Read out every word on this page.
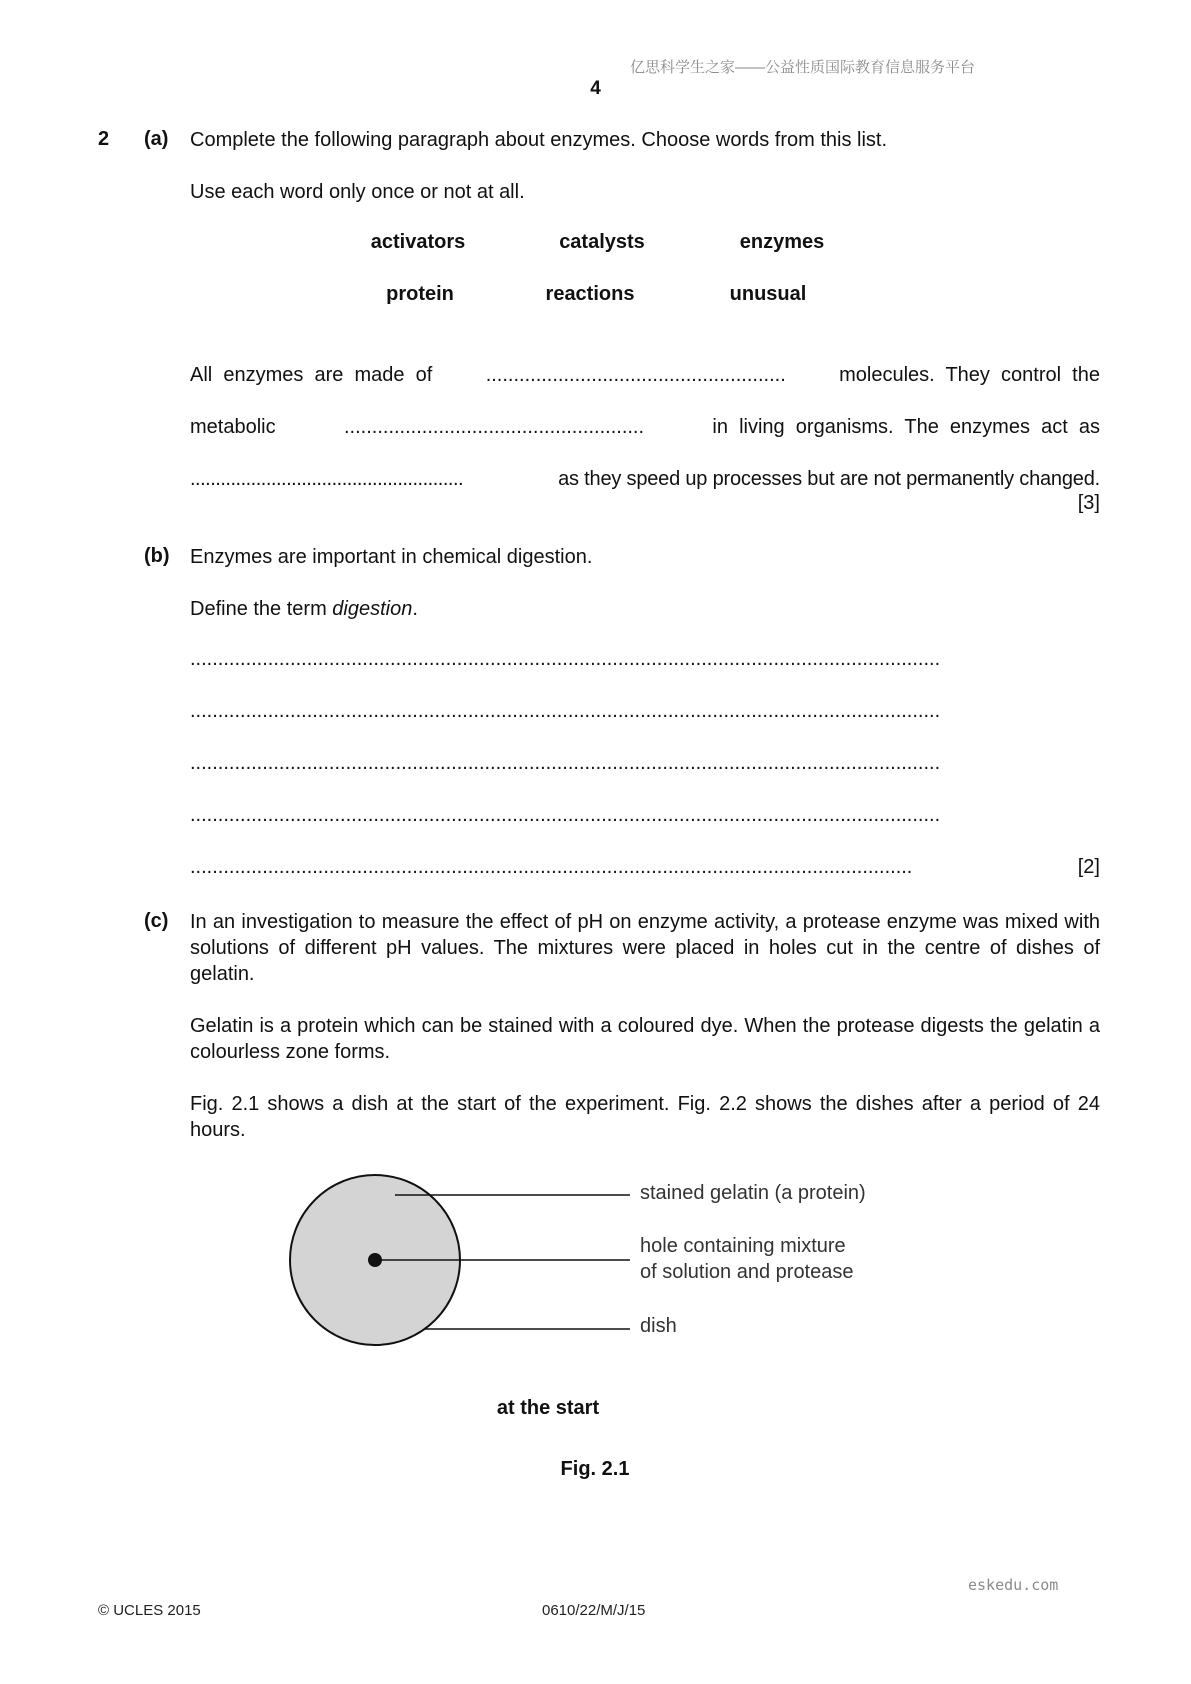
亿思科学生之家——公益性质国际教育信息服务平台
4
2 (a) Complete the following paragraph about enzymes. Choose words from this list.
Use each word only once or not at all.
activators	catalysts	enzymes
protein	reactions	unusual
All  enzymes  are  made  of	......................................................	molecules.  They  control  the
metabolic	......................................................	in  living  organisms.  The  enzymes  act  as
......................................................	as they speed up processes but are not permanently changed.
[3]
(b) Enzymes are important in chemical digestion.
Define the term digestion.
.......................................................................................................................................
.......................................................................................................................................
.......................................................................................................................................
.......................................................................................................................................
..................................................................................................................................	[2]
(c) In an investigation to measure the effect of pH on enzyme activity, a protease enzyme was mixed with solutions of different pH values. The mixtures were placed in holes cut in the centre of dishes of gelatin.
Gelatin is a protein which can be stained with a coloured dye. When the protease digests the gelatin a colourless zone forms.
Fig. 2.1 shows a dish at the start of the experiment. Fig. 2.2 shows the dishes after a period of 24 hours.
stained gelatin (a protein)
hole containing mixture
of solution and protease
dish
at the start
Fig. 2.1
eskedu.com
© UCLES 2015	0610/22/M/J/15
